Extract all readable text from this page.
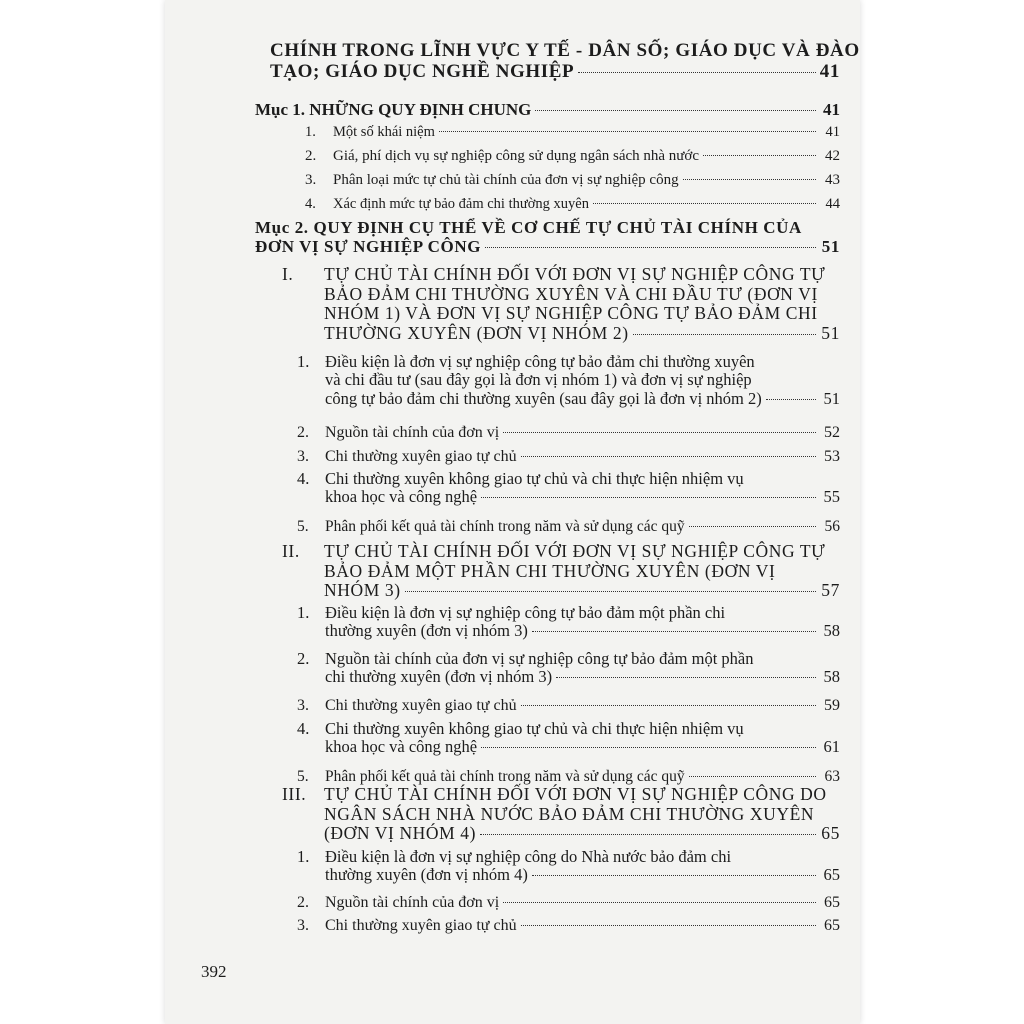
CHÍNH TRONG LĨNH VỰC Y TẾ - DÂN SỐ; GIÁO DỤC VÀ ĐÀO
TẠO; GIÁO DỤC NGHỀ NGHIỆP	41
Mục 1. NHỮNG QUY ĐỊNH CHUNG	41
1.	Một số khái niệm	41
2.	Giá, phí dịch vụ sự nghiệp công sử dụng ngân sách nhà nước	42
3.	Phân loại mức tự chủ tài chính của đơn vị sự nghiệp công	43
4.	Xác định mức tự bảo đảm chi thường xuyên	44
Mục 2. QUY ĐỊNH CỤ THỂ VỀ CƠ CHẾ TỰ CHỦ TÀI CHÍNH CỦA
ĐƠN VỊ SỰ NGHIỆP CÔNG	51
I.	TỰ CHỦ TÀI CHÍNH ĐỐI VỚI ĐƠN VỊ SỰ NGHIỆP CÔNG TỰ
BẢO ĐẢM CHI THƯỜNG XUYÊN VÀ CHI ĐẦU TƯ (ĐƠN VỊ
NHÓM 1) VÀ ĐƠN VỊ SỰ NGHIỆP CÔNG TỰ BẢO ĐẢM CHI
THƯỜNG XUYÊN (ĐƠN VỊ NHÓM 2)	51
1. Điều kiện là đơn vị sự nghiệp công tự bảo đảm chi thường xuyên
và chi đầu tư (sau đây gọi là đơn vị nhóm 1) và đơn vị sự nghiệp
công tự bảo đảm chi thường xuyên (sau đây gọi là đơn vị nhóm 2)	51
2.	Nguồn tài chính của đơn vị	52
3.	Chi thường xuyên giao tự chủ	53
4. Chi thường xuyên không giao tự chủ và chi thực hiện nhiệm vụ
khoa học và công nghệ	55
5.	Phân phối kết quả tài chính trong năm và sử dụng các quỹ	56
II.	TỰ CHỦ TÀI CHÍNH ĐỐI VỚI ĐƠN VỊ SỰ NGHIỆP CÔNG TỰ
BẢO ĐẢM MỘT PHẦN CHI THƯỜNG XUYÊN (ĐƠN VỊ
NHÓM 3)	57
1. Điều kiện là đơn vị sự nghiệp công tự bảo đảm một phần chi
thường xuyên (đơn vị nhóm 3)	58
2. Nguồn tài chính của đơn vị sự nghiệp công tự bảo đảm một phần
chi thường xuyên (đơn vị nhóm 3)	58
3.	Chi thường xuyên giao tự chủ	59
4. Chi thường xuyên không giao tự chủ và chi thực hiện nhiệm vụ
khoa học và công nghệ	61
5.	Phân phối kết quả tài chính trong năm và sử dụng các quỹ	63
III.	TỰ CHỦ TÀI CHÍNH ĐỐI VỚI ĐƠN VỊ SỰ NGHIỆP CÔNG DO
NGÂN SÁCH NHÀ NƯỚC BẢO ĐẢM CHI THƯỜNG XUYÊN
(ĐƠN VỊ NHÓM 4)	65
1. Điều kiện là đơn vị sự nghiệp công do Nhà nước bảo đảm chi
thường xuyên (đơn vị nhóm 4)	65
2.	Nguồn tài chính của đơn vị	65
3.	Chi thường xuyên giao tự chủ	65
392
